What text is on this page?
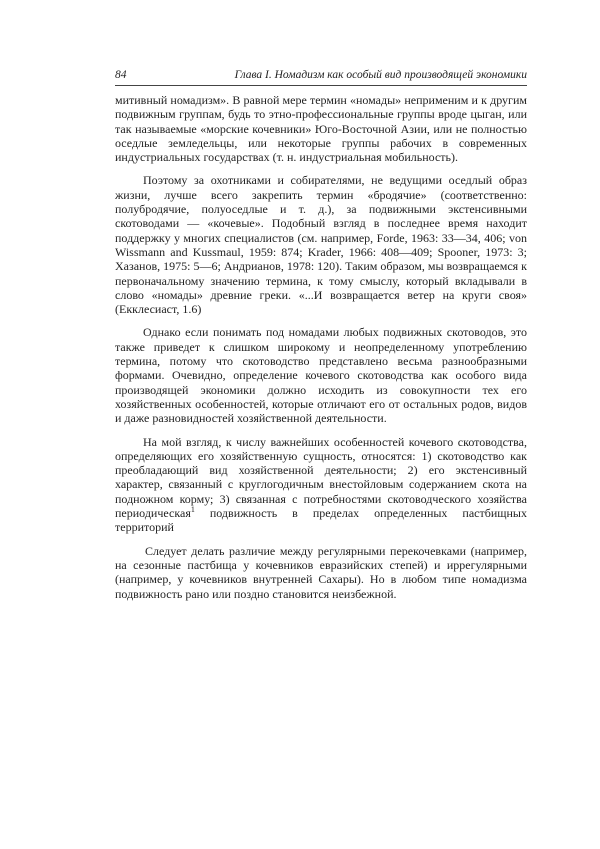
84	Глава I. Номадизм как особый вид производящей экономики

митивный номадизм». В равной мере термин «номады» неприменим и к другим подвижным группам, будь то этно-профессиональные группы вроде цыган, или так называемые «морские кочевники» Юго-Восточной Азии, или не полностью оседлые земледельцы, или некоторые группы рабочих в современных индустриальных государствах (т. н. индустриальная мобильность).

Поэтому за охотниками и собирателями, не ведущими оседлый образ жизни, лучше всего закрепить термин «бродячие» (соответственно: полубродячие, полуоседлые и т. д.), за подвижными экстенсивными скотоводами — «кочевые». Подобный взгляд в последнее время находит поддержку у многих специалистов (см. например, Forde, 1963: 33—34, 406; von Wissmann and Kussmaul, 1959: 874; Krader, 1966: 408—409; Spooner, 1973: 3; Хазанов, 1975: 5—6; Андрианов, 1978: 120). Таким образом, мы возвращаемся к первоначальному значению термина, к тому смыслу, который вкладывали в слово «номады» древние греки. «...И возвращается ветер на круги своя» (Екклесиаст, 1.6)

Однако если понимать под номадами любых подвижных скотоводов, это также приведет к слишком широкому и неопределенному употреблению термина, потому что скотоводство представлено весьма разнообразными формами. Очевидно, определение кочевого скотоводства как особого вида производящей экономики должно исходить из совокупности тех его хозяйственных особенностей, которые отличают его от остальных родов, видов и даже разновидностей хозяйственной деятельности.

На мой взгляд, к числу важнейших особенностей кочевого скотоводства, определяющих его хозяйственную сущность, относятся: 1) скотоводство как преобладающий вид хозяйственной деятельности; 2) его экстенсивный характер, связанный с круглогодичным внестойловым содержанием скота на подножном корму; 3) связанная с потребностями скотоводческого хозяйства периодическая$^1$ подвижность в пределах определенных пастбищных территорий

Следует делать различие между регулярными перекочевками (например, на сезонные пастбища у кочевников евразийских степей) и иррегулярными (например, у кочевников внутренней Сахары). Но в любом типе номадизма подвижность рано или поздно становится неизбежной.
